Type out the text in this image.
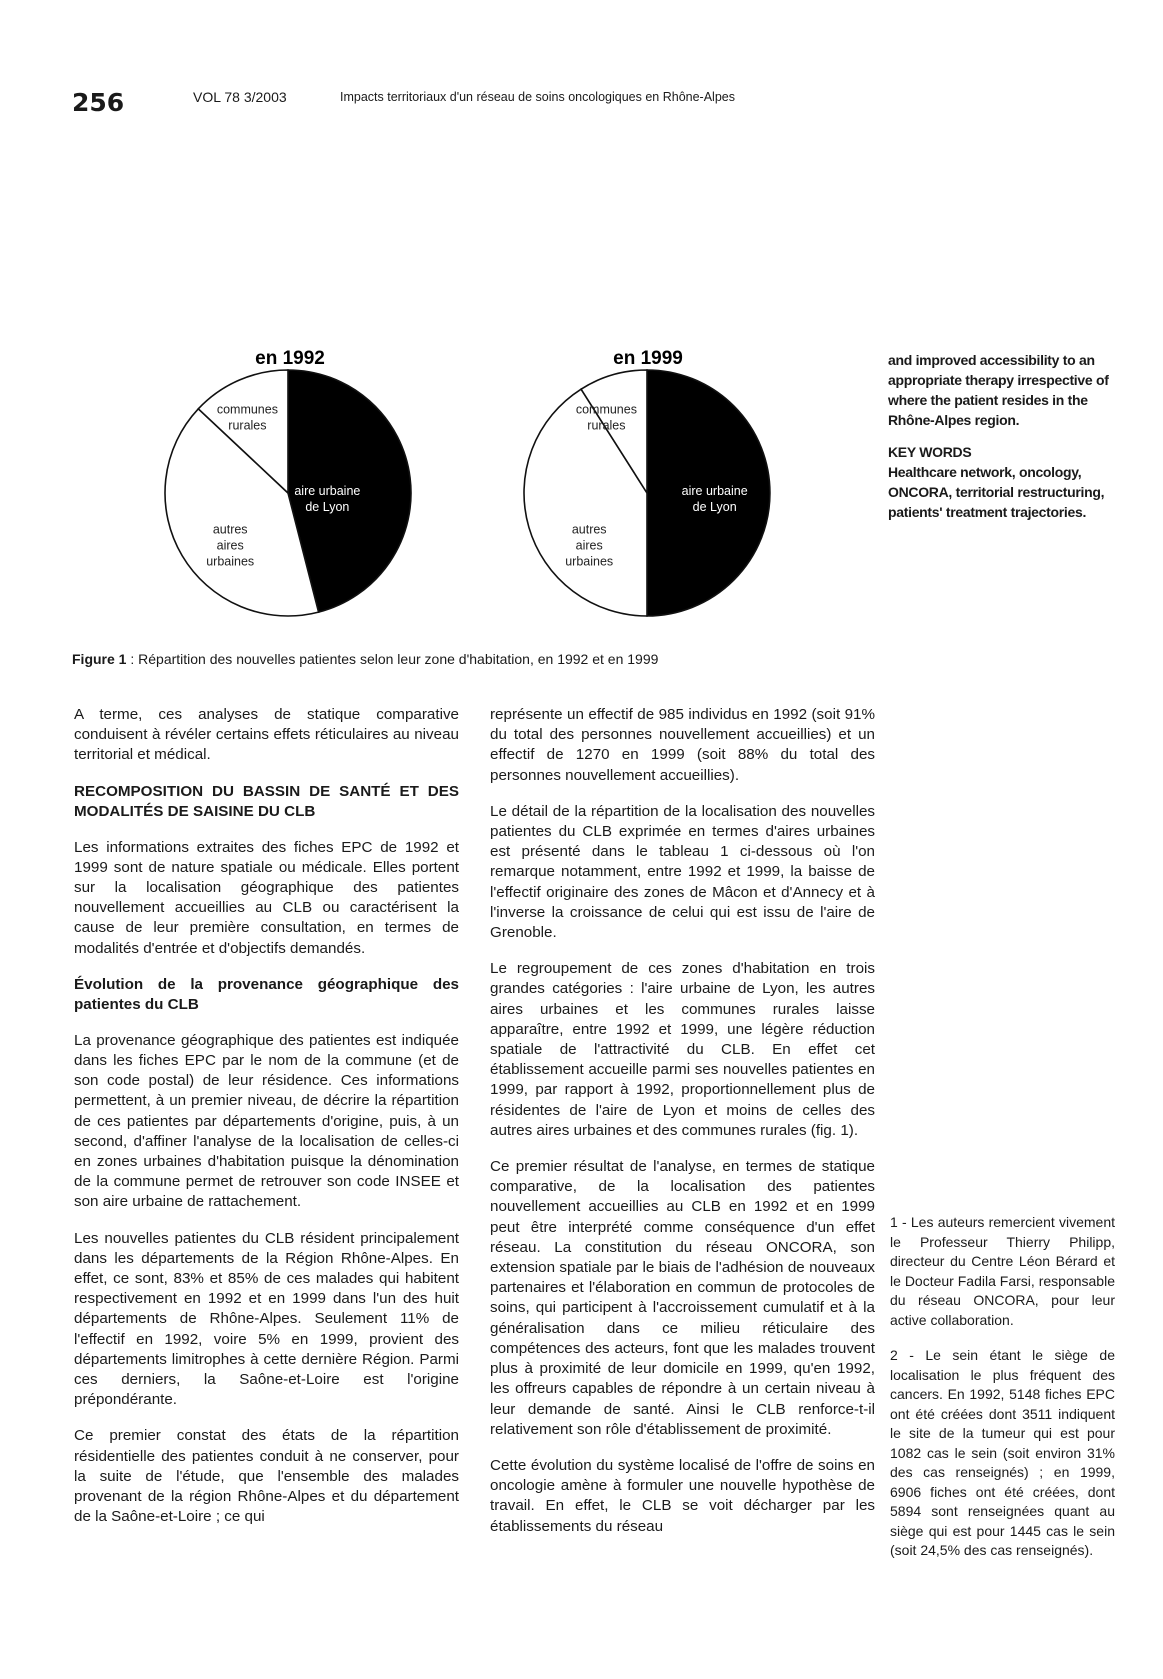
256	VOL 78 3/2003	Impacts territoriaux d'un réseau de soins oncologiques en Rhône-Alpes
en 1992
aire urbaine de Lyon
autres aires urbaines
communes rurales
en 1999
aire urbaine de Lyon
autres aires urbaines
communes rurales
and improved accessibility to an appropriate therapy irrespective of where the patient resides in the Rhône-Alpes region.
KEY WORDS
Healthcare network, oncology, ONCORA, territorial restructuring, patients' treatment trajectories.
Figure 1 : Répartition des nouvelles patientes selon leur zone d'habitation, en 1992 et en 1999

A terme, ces analyses de statique comparative conduisent à révéler certains effets réticulaires au niveau territorial et médical.

RECOMPOSITION DU BASSIN DE SANTÉ ET DES MODALITÉS DE SAISINE DU CLB

Les informations extraites des fiches EPC de 1992 et 1999 sont de nature spatiale ou médicale. Elles portent sur la localisation géographique des patientes nouvellement accueillies au CLB ou caractérisent la cause de leur première consultation, en termes de modalités d'entrée et d'objectifs demandés.

Évolution de la provenance géographique des patientes du CLB

La provenance géographique des patientes est indiquée dans les fiches EPC par le nom de la commune (et de son code postal) de leur résidence. Ces informations permettent, à un premier niveau, de décrire la répartition de ces patientes par départements d'origine, puis, à un second, d'affiner l'analyse de la localisation de celles-ci en zones urbaines d'habitation puisque la dénomination de la commune permet de retrouver son code INSEE et son aire urbaine de rattachement.

Les nouvelles patientes du CLB résident principalement dans les départements de la Région Rhône-Alpes. En effet, ce sont, 83% et 85% de ces malades qui habitent respectivement en 1992 et en 1999 dans l'un des huit départements de Rhône-Alpes. Seulement 11% de l'effectif en 1992, voire 5% en 1999, provient des départements limitrophes à cette dernière Région. Parmi ces derniers, la Saône-et-Loire est l'origine prépondérante.

Ce premier constat des états de la répartition résidentielle des patientes conduit à ne conserver, pour la suite de l'étude, que l'ensemble des malades provenant de la région Rhône-Alpes et du département de la Saône-et-Loire ; ce qui

représente un effectif de 985 individus en 1992 (soit 91% du total des personnes nouvellement accueillies) et un effectif de 1270 en 1999 (soit 88% du total des personnes nouvellement accueillies).

Le détail de la répartition de la localisation des nouvelles patientes du CLB exprimée en termes d'aires urbaines est présenté dans le tableau 1 ci-dessous où l'on remarque notamment, entre 1992 et 1999, la baisse de l'effectif originaire des zones de Mâcon et d'Annecy et à l'inverse la croissance de celui qui est issu de l'aire de Grenoble.

Le regroupement de ces zones d'habitation en trois grandes catégories : l'aire urbaine de Lyon, les autres aires urbaines et les communes rurales laisse apparaître, entre 1992 et 1999, une légère réduction spatiale de l'attractivité du CLB. En effet cet établissement accueille parmi ses nouvelles patientes en 1999, par rapport à 1992, proportionnellement plus de résidentes de l'aire de Lyon et moins de celles des autres aires urbaines et des communes rurales (fig. 1).

Ce premier résultat de l'analyse, en termes de statique comparative, de la localisation des patientes nouvellement accueillies au CLB en 1992 et en 1999 peut être interprété comme conséquence d'un effet réseau. La constitution du réseau ONCORA, son extension spatiale par le biais de l'adhésion de nouveaux partenaires et l'élaboration en commun de protocoles de soins, qui participent à l'accroissement cumulatif et à la généralisation dans ce milieu réticulaire des compétences des acteurs, font que les malades trouvent plus à proximité de leur domicile en 1999, qu'en 1992, les offreurs capables de répondre à un certain niveau à leur demande de santé. Ainsi le CLB renforce-t-il relativement son rôle d'établissement de proximité.

Cette évolution du système localisé de l'offre de soins en oncologie amène à formuler une nouvelle hypothèse de travail. En effet, le CLB se voit décharger par les établissements du réseau

1 - Les auteurs remercient vivement le Professeur Thierry Philipp, directeur du Centre Léon Bérard et le Docteur Fadila Farsi, responsable du réseau ONCORA, pour leur active collaboration.

2 - Le sein étant le siège de localisation le plus fréquent des cancers. En 1992, 5148 fiches EPC ont été créées dont 3511 indiquent le site de la tumeur qui est pour 1082 cas le sein (soit environ 31% des cas renseignés) ; en 1999, 6906 fiches ont été créées, dont 5894 sont renseignées quant au siège qui est pour 1445 cas le sein (soit 24,5% des cas renseignés).
